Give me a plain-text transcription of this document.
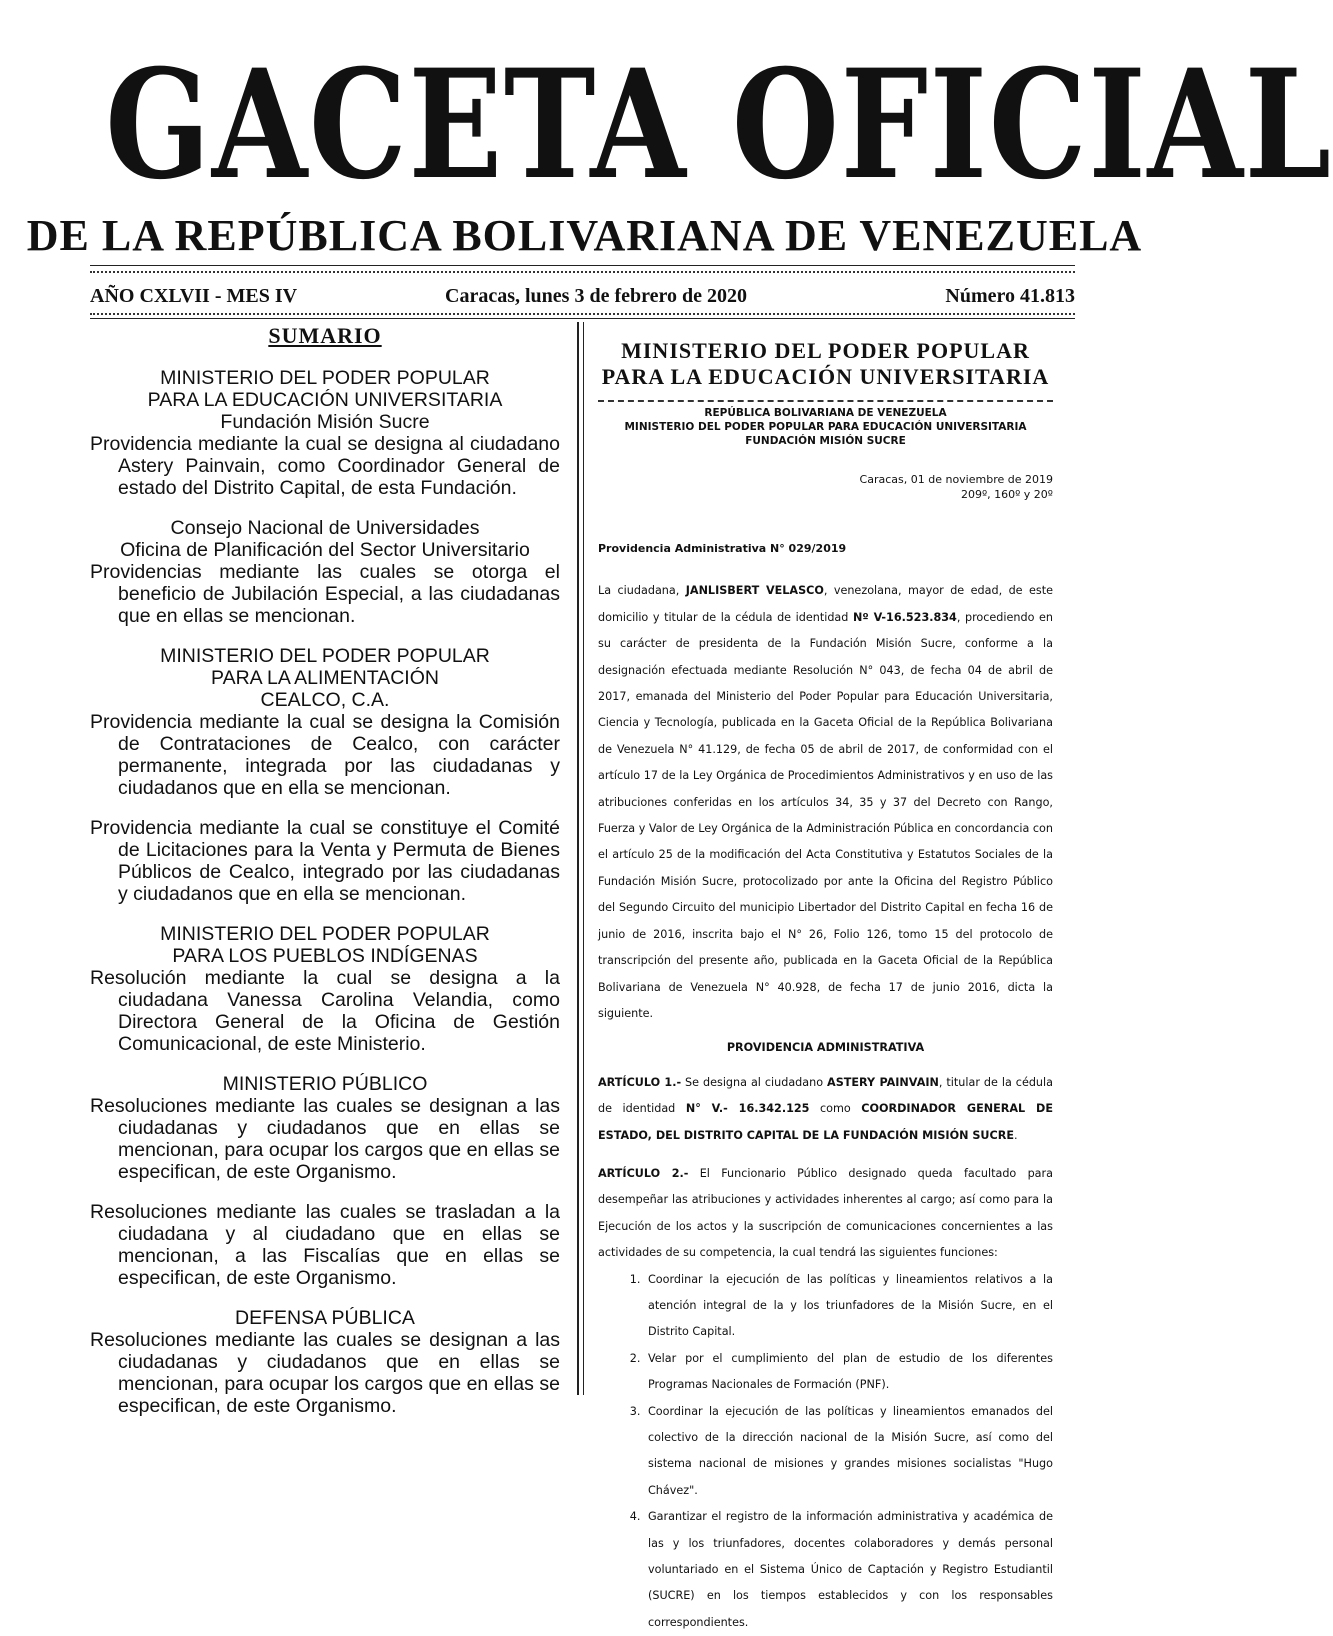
GACETA OFICIAL
DE LA REPÚBLICA BOLIVARIANA DE VENEZUELA
AÑO CXLVII - MES IV	Caracas, lunes 3 de febrero de 2020	Número 41.813
SUMARIO
MINISTERIO DEL PODER POPULAR
PARA LA EDUCACIÓN UNIVERSITARIA
Fundación Misión Sucre
Providencia mediante la cual se designa al ciudadano Astery Painvain, como Coordinador General de estado del Distrito Capital, de esta Fundación.
Consejo Nacional de Universidades
Oficina de Planificación del Sector Universitario
Providencias mediante las cuales se otorga el beneficio de Jubilación Especial, a las ciudadanas que en ellas se mencionan.
MINISTERIO DEL PODER POPULAR
PARA LA ALIMENTACIÓN
CEALCO, C.A.
Providencia mediante la cual se designa la Comisión de Contrataciones de Cealco, con carácter permanente, integrada por las ciudadanas y ciudadanos que en ella se mencionan.
Providencia mediante la cual se constituye el Comité de Licitaciones para la Venta y Permuta de Bienes Públicos de Cealco, integrado por las ciudadanas y ciudadanos que en ella se mencionan.
MINISTERIO DEL PODER POPULAR
PARA LOS PUEBLOS INDÍGENAS
Resolución mediante la cual se designa a la ciudadana Vanessa Carolina Velandia, como Directora General de la Oficina de Gestión Comunicacional, de este Ministerio.
MINISTERIO PÚBLICO
Resoluciones mediante las cuales se designan a las ciudadanas y ciudadanos que en ellas se mencionan, para ocupar los cargos que en ellas se especifican, de este Organismo.
Resoluciones mediante las cuales se trasladan a la ciudadana y al ciudadano que en ellas se mencionan, a las Fiscalías que en ellas se especifican, de este Organismo.
DEFENSA PÚBLICA
Resoluciones mediante las cuales se designan a las ciudadanas y ciudadanos que en ellas se mencionan, para ocupar los cargos que en ellas se especifican, de este Organismo.
MINISTERIO DEL PODER POPULAR
PARA LA EDUCACIÓN UNIVERSITARIA
REPÚBLICA BOLIVARIANA DE VENEZUELA
MINISTERIO DEL PODER POPULAR PARA EDUCACIÓN UNIVERSITARIA
FUNDACIÓN MISIÓN SUCRE
Caracas, 01 de noviembre de 2019
209º, 160º y 20º
Providencia Administrativa N° 029/2019
La ciudadana, JANLISBERT VELASCO, venezolana, mayor de edad, de este domicilio y titular de la cédula de identidad Nº V-16.523.834, procediendo en su carácter de presidenta de la Fundación Misión Sucre, conforme a la designación efectuada mediante Resolución N° 043, de fecha 04 de abril de 2017, emanada del Ministerio del Poder Popular para Educación Universitaria, Ciencia y Tecnología, publicada en la Gaceta Oficial de la República Bolivariana de Venezuela N° 41.129, de fecha 05 de abril de 2017, de conformidad con el artículo 17 de la Ley Orgánica de Procedimientos Administrativos y en uso de las atribuciones conferidas en los artículos 34, 35 y 37 del Decreto con Rango, Fuerza y Valor de Ley Orgánica de la Administración Pública en concordancia con el artículo 25 de la modificación del Acta Constitutiva y Estatutos Sociales de la Fundación Misión Sucre, protocolizado por ante la Oficina del Registro Público del Segundo Circuito del municipio Libertador del Distrito Capital en fecha 16 de junio de 2016, inscrita bajo el N° 26, Folio 126, tomo 15 del protocolo de transcripción del presente año, publicada en la Gaceta Oficial de la República Bolivariana de Venezuela N° 40.928, de fecha 17 de junio 2016, dicta la siguiente.
PROVIDENCIA ADMINISTRATIVA
ARTÍCULO 1.- Se designa al ciudadano ASTERY PAINVAIN, titular de la cédula de identidad N° V.- 16.342.125 como COORDINADOR GENERAL DE ESTADO, DEL DISTRITO CAPITAL DE LA FUNDACIÓN MISIÓN SUCRE.
ARTÍCULO 2.- El Funcionario Público designado queda facultado para desempeñar las atribuciones y actividades inherentes al cargo; así como para la Ejecución de los actos y la suscripción de comunicaciones concernientes a las actividades de su competencia, la cual tendrá las siguientes funciones:
1. Coordinar la ejecución de las políticas y lineamientos relativos a la atención integral de la y los triunfadores de la Misión Sucre, en el Distrito Capital.
2. Velar por el cumplimiento del plan de estudio de los diferentes Programas Nacionales de Formación (PNF).
3. Coordinar la ejecución de las políticas y lineamientos emanados del colectivo de la dirección nacional de la Misión Sucre, así como del sistema nacional de misiones y grandes misiones socialistas "Hugo Chávez".
4. Garantizar el registro de la información administrativa y académica de las y los triunfadores, docentes colaboradores y demás personal voluntariado en el Sistema Único de Captación y Registro Estudiantil (SUCRE) en los tiempos establecidos y con los responsables correspondientes.
